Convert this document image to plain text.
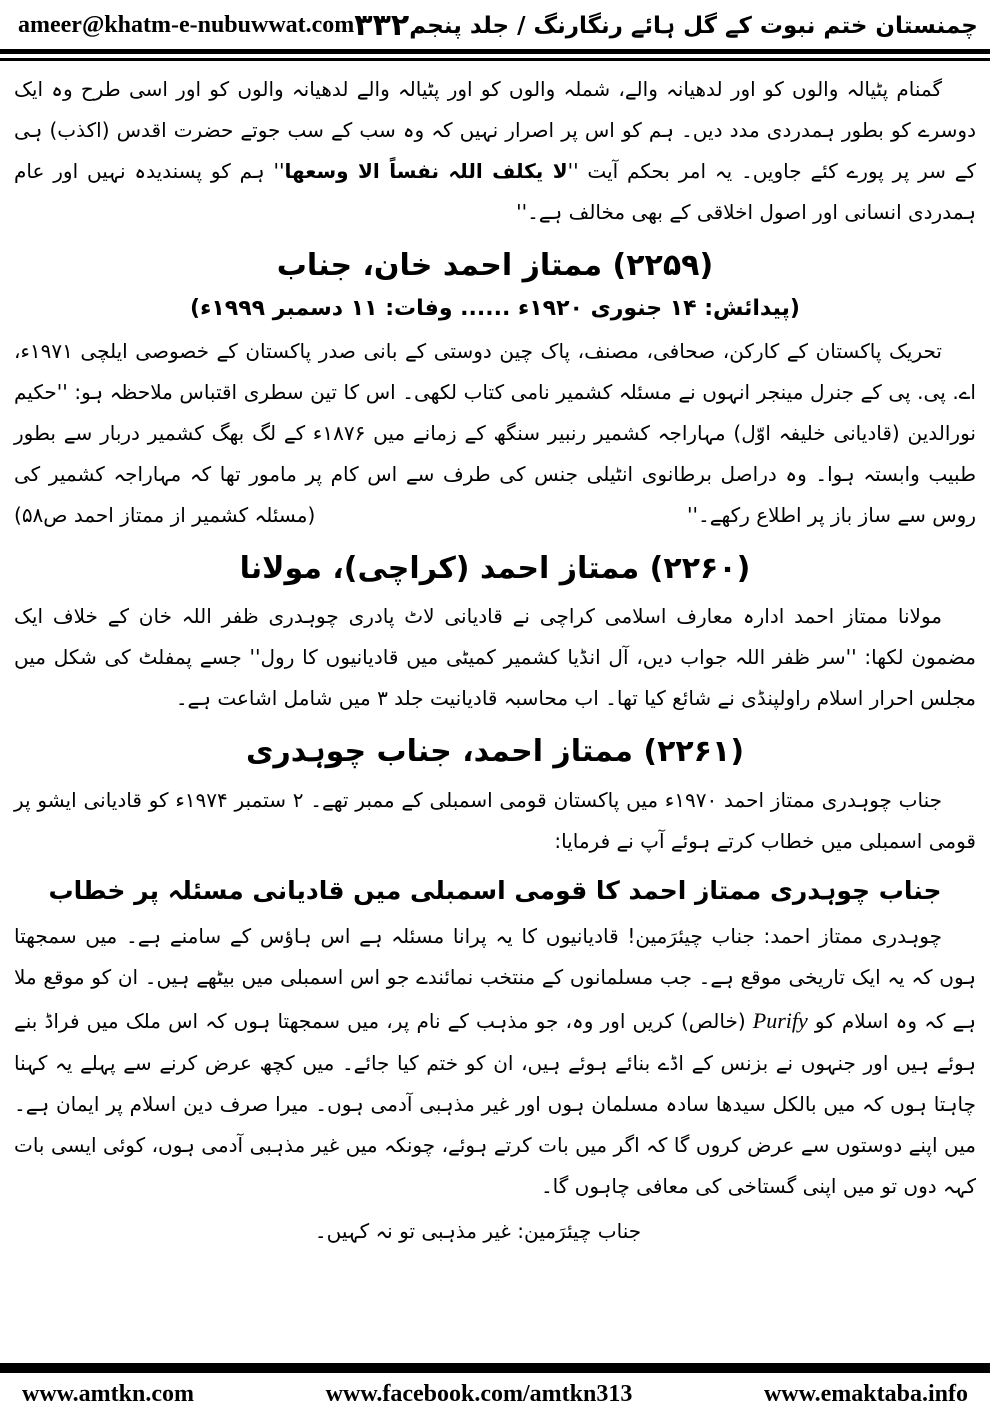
ameer@khatm-e-nubuwwat.com ۳۳۲ چمنستان ختم نبوت کے گل ہائے رنگارنگ / جلد پنجم

گمنام پٹیالہ والوں کو اور لدھیانہ والے، شملہ والوں کو اور پٹیالہ والے لدھیانہ والوں کو اور اسی طرح وہ ایک دوسرے کو بطور ہمدردی مدد دیں۔ ہم کو اس پر اصرار نہیں کہ وہ سب کے سب جوتے حضرت اقدس (اکذب) ہی کے سر پر پورے کئے جاویں۔ یہ امر بحکم آیت ''لا یکلف اللہ نفساً الا وسعها'' ہم کو پسندیدہ نہیں اور عام ہمدردی انسانی اور اصول اخلاقی کے بھی مخالف ہے۔''

(۲۲۵۹) ممتاز احمد خان، جناب
(پیدائش: ۱۴ جنوری ۱۹۲۰ء ...... وفات: ۱۱ دسمبر ۱۹۹۹ء)

تحریک پاکستان کے کارکن، صحافی، مصنف، پاک چین دوستی کے بانی صدر پاکستان کے خصوصی ایلچی ۱۹۷۱ء، اے. پی. پی کے جنرل مینجر انہوں نے مسئلہ کشمیر نامی کتاب لکھی۔ اس کا تین سطری اقتباس ملاحظہ ہو: ''حکیم نورالدین (قادیانی خلیفہ اوّل) مہاراجہ کشمیر رنبیر سنگھ کے زمانے میں ۱۸۷۶ء کے لگ بھگ کشمیر دربار سے بطور طبیب وابستہ ہوا۔ وہ دراصل برطانوی انٹیلی جنس کی طرف سے اس کام پر مامور تھا کہ مہاراجہ کشمیر کی روس سے ساز باز پر اطلاع رکھے۔''
(مسئلہ کشمیر از ممتاز احمد ص۵۸)

(۲۲۶۰) ممتاز احمد (کراچی)، مولانا

مولانا ممتاز احمد ادارہ معارف اسلامی کراچی نے قادیانی لاٹ پادری چوہدری ظفر اللہ خان کے خلاف ایک مضمون لکھا: ''سر ظفر اللہ جواب دیں، آل انڈیا کشمیر کمیٹی میں قادیانیوں کا رول'' جسے پمفلٹ کی شکل میں مجلس احرار اسلام راولپنڈی نے شائع کیا تھا۔ اب محاسبہ قادیانیت جلد ۳ میں شامل اشاعت ہے۔

(۲۲۶۱) ممتاز احمد، جناب چوہدری

جناب چوہدری ممتاز احمد ۱۹۷۰ء میں پاکستان قومی اسمبلی کے ممبر تھے۔ ۲ ستمبر ۱۹۷۴ء کو قادیانی ایشو پر قومی اسمبلی میں خطاب کرتے ہوئے آپ نے فرمایا:

جناب چوہدری ممتاز احمد کا قومی اسمبلی میں قادیانی مسئلہ پر خطاب

چوہدری ممتاز احمد: جناب چیئرَمین! قادیانیوں کا یہ پرانا مسئلہ ہے اس ہاؤس کے سامنے ہے۔ میں سمجھتا ہوں کہ یہ ایک تاریخی موقع ہے۔ جب مسلمانوں کے منتخب نمائندے جو اس اسمبلی میں بیٹھے ہیں۔ ان کو موقع ملا ہے کہ وہ اسلام کو Purify (خالص) کریں اور وہ، جو مذہب کے نام پر، میں سمجھتا ہوں کہ اس ملک میں فراڈ بنے ہوئے ہیں اور جنہوں نے بزنس کے اڈے بنائے ہوئے ہیں، ان کو ختم کیا جائے۔ میں کچھ عرض کرنے سے پہلے یہ کہنا چاہتا ہوں کہ میں بالکل سیدھا سادہ مسلمان ہوں اور غیر مذہبی آدمی ہوں۔ میرا صرف دین اسلام پر ایمان ہے۔ میں اپنے دوستوں سے عرض کروں گا کہ اگر میں بات کرتے ہوئے، چونکہ میں غیر مذہبی آدمی ہوں، کوئی ایسی بات کہہ دوں تو میں اپنی گستاخی کی معافی چاہوں گا۔

جناب چیئرَمین: غیر مذہبی تو نہ کہیں۔

www.amtkn.com	www.facebook.com/amtkn313	www.emaktaba.info
